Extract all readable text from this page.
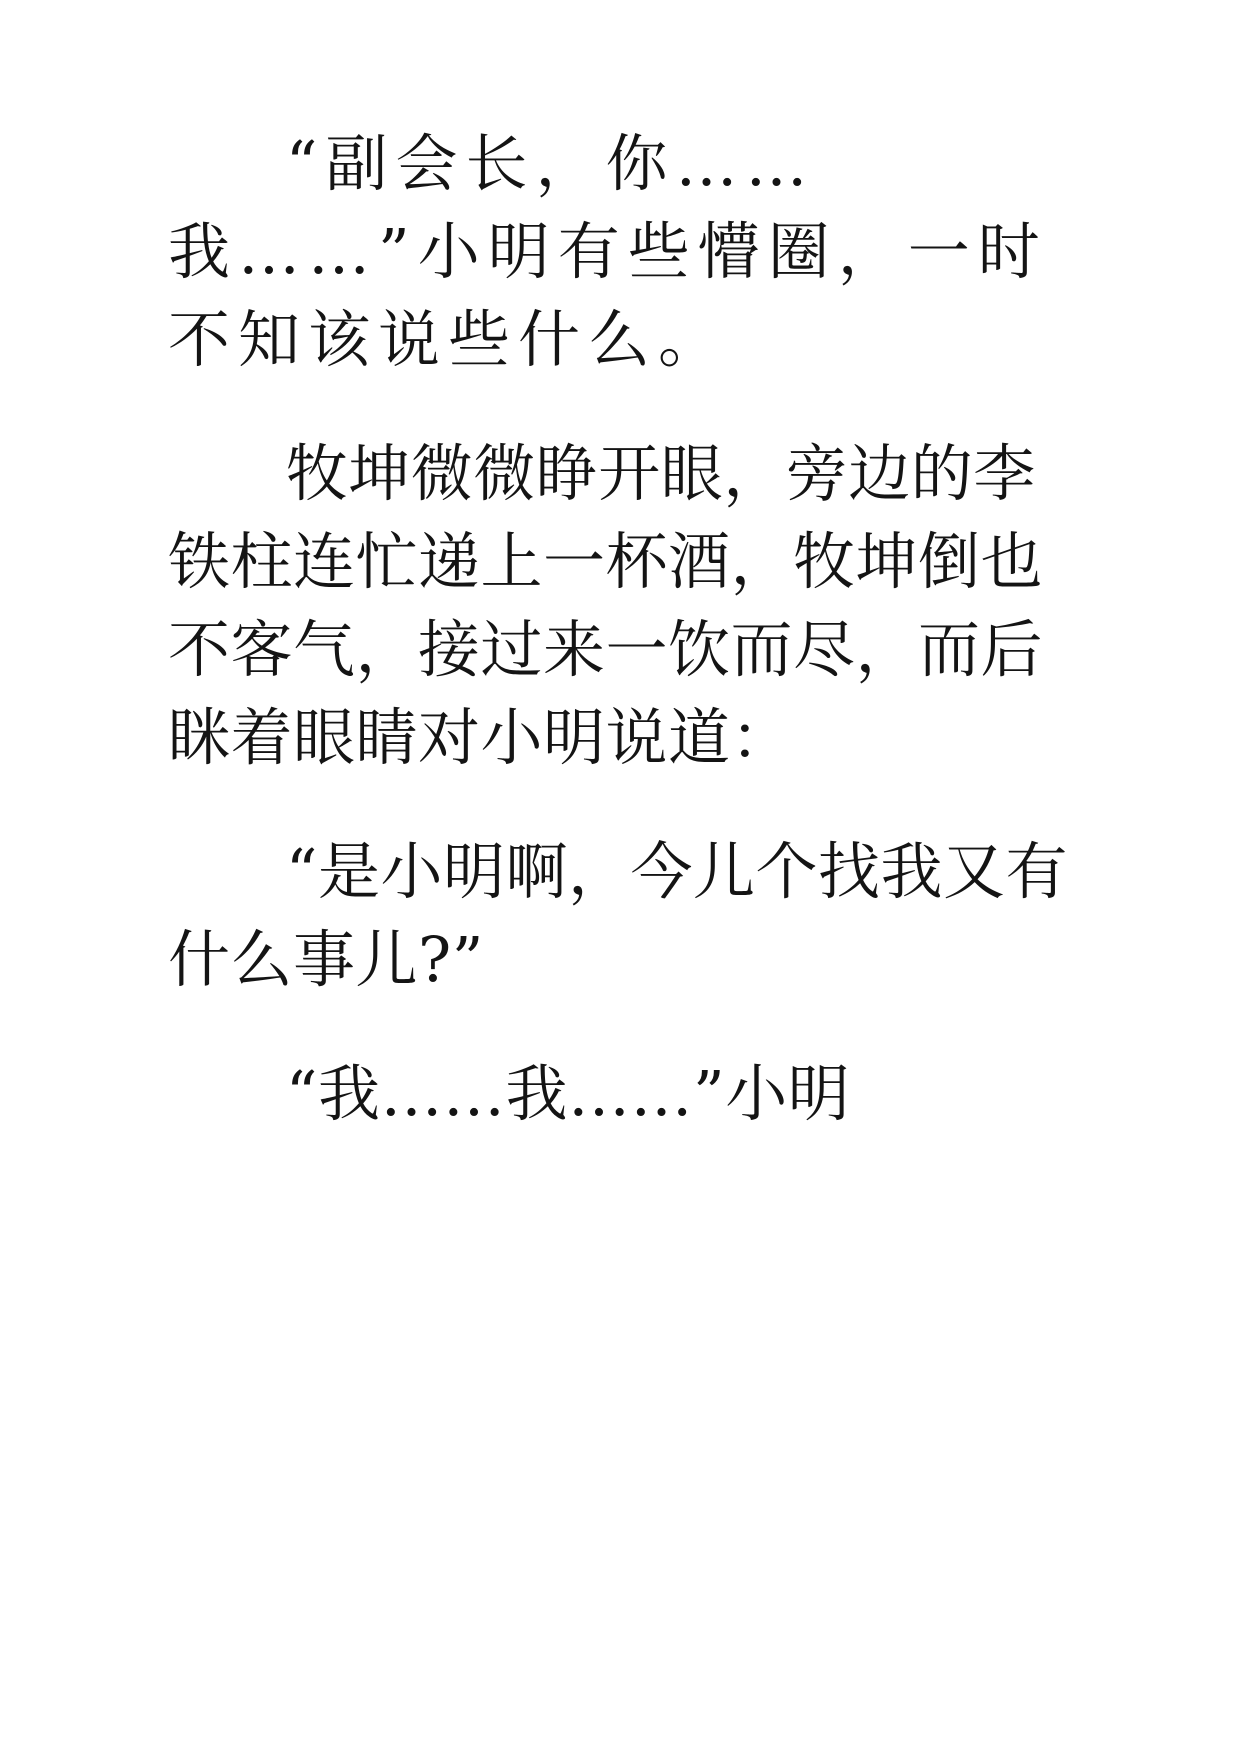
“副会长，你……我……”小明有些懵圈，一时不知该说些什么。

牧坤微微睁开眼，旁边的李铁柱连忙递上一杯酒，牧坤倒也不客气，接过来一饮而尽，而后眯着眼睛对小明说道：

“是小明啊，今儿个找我又有什么事儿?”

“我……我……”小明
